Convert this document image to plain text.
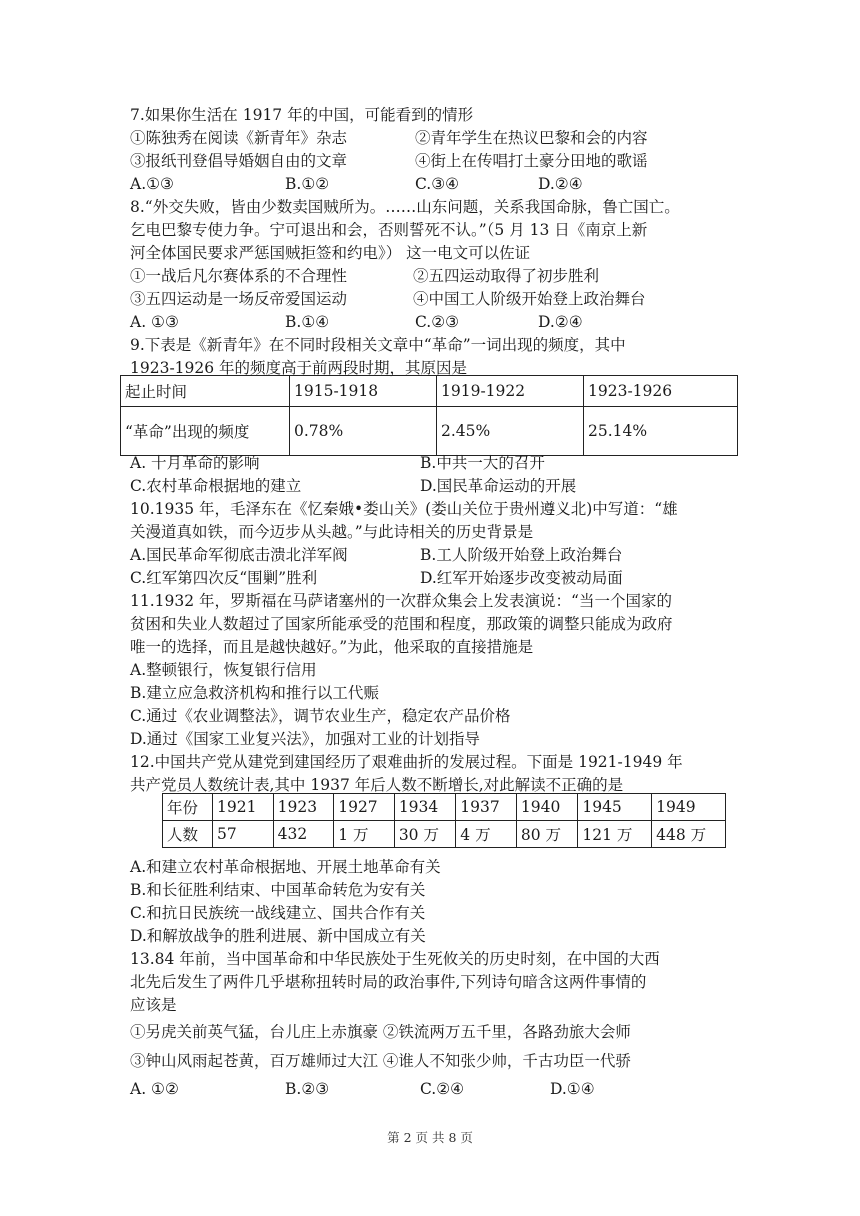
7.如果你生活在 1917 年的中国，可能看到的情形
①陈独秀在阅读《新青年》杂志	②青年学生在热议巴黎和会的内容
③报纸刊登倡导婚姻自由的文章	④街上在传唱打土豪分田地的歌谣
A.①③	B.①②	C.③④	D.②④
8.“外交失败，皆由少数卖国贼所为。……山东问题，关系我国命脉，鲁亡国亡。
乞电巴黎专使力争。宁可退出和会，否则誓死不认。”（5 月 13 日《南京上新
河全体国民要求严惩国贼拒签和约电》） 这一电文可以佐证
①一战后凡尔赛体系的不合理性	②五四运动取得了初步胜利
③五四运动是一场反帝爱国运动	④中国工人阶级开始登上政治舞台
A. ①③	B.①④	C.②③	D.②④
9.下表是《新青年》在不同时段相关文章中“革命”一词出现的频度，其中
1923-1926 年的频度高于前两段时期，其原因是
起止时间	1915-1918	1919-1922	1923-1926
“革命”出现的频度	0.78%	2.45%	25.14%
A. 十月革命的影响	B.中共一大的召开
C.农村革命根据地的建立	D.国民革命运动的开展
10.1935 年，毛泽东在《忆秦娥•娄山关》(娄山关位于贵州遵义北)中写道：“雄
关漫道真如铁，而今迈步从头越。”与此诗相关的历史背景是
A.国民革命军彻底击溃北洋军阀	B.工人阶级开始登上政治舞台
C.红军第四次反“围剿”胜利	D.红军开始逐步改变被动局面
11.1932 年，罗斯福在马萨诸塞州的一次群众集会上发表演说：“当一个国家的
贫困和失业人数超过了国家所能承受的范围和程度，那政策的调整只能成为政府
唯一的选择，而且是越快越好。”为此，他采取的直接措施是
A.整顿银行，恢复银行信用
B.建立应急救济机构和推行以工代赈
C.通过《农业调整法》，调节农业生产，稳定农产品价格
D.通过《国家工业复兴法》，加强对工业的计划指导
12.中国共产党从建党到建国经历了艰难曲折的发展过程。下面是 1921-1949 年
共产党员人数统计表,其中 1937 年后人数不断增长,对此解读不正确的是
年份	1921	1923	1927	1934	1937	1940	1945	1949
人数	57	432	1 万	30 万	4 万	80 万	121 万	448 万
A.和建立农村革命根据地、开展土地革命有关
B.和长征胜利结束、中国革命转危为安有关
C.和抗日民族统一战线建立、国共合作有关
D.和解放战争的胜利进展、新中国成立有关
13.84 年前，当中国革命和中华民族处于生死攸关的历史时刻，在中国的大西
北先后发生了两件几乎堪称扭转时局的政治事件,下列诗句暗含这两件事情的
应该是
①另虎关前英气猛，台儿庄上赤旗豪 ②铁流两万五千里，各路劲旅大会师
③钟山风雨起苍黄，百万雄师过大江 ④谁人不知张少帅，千古功臣一代骄
A. ①②	B.②③	C.②④	D.①④
第 2 页 共 8 页
